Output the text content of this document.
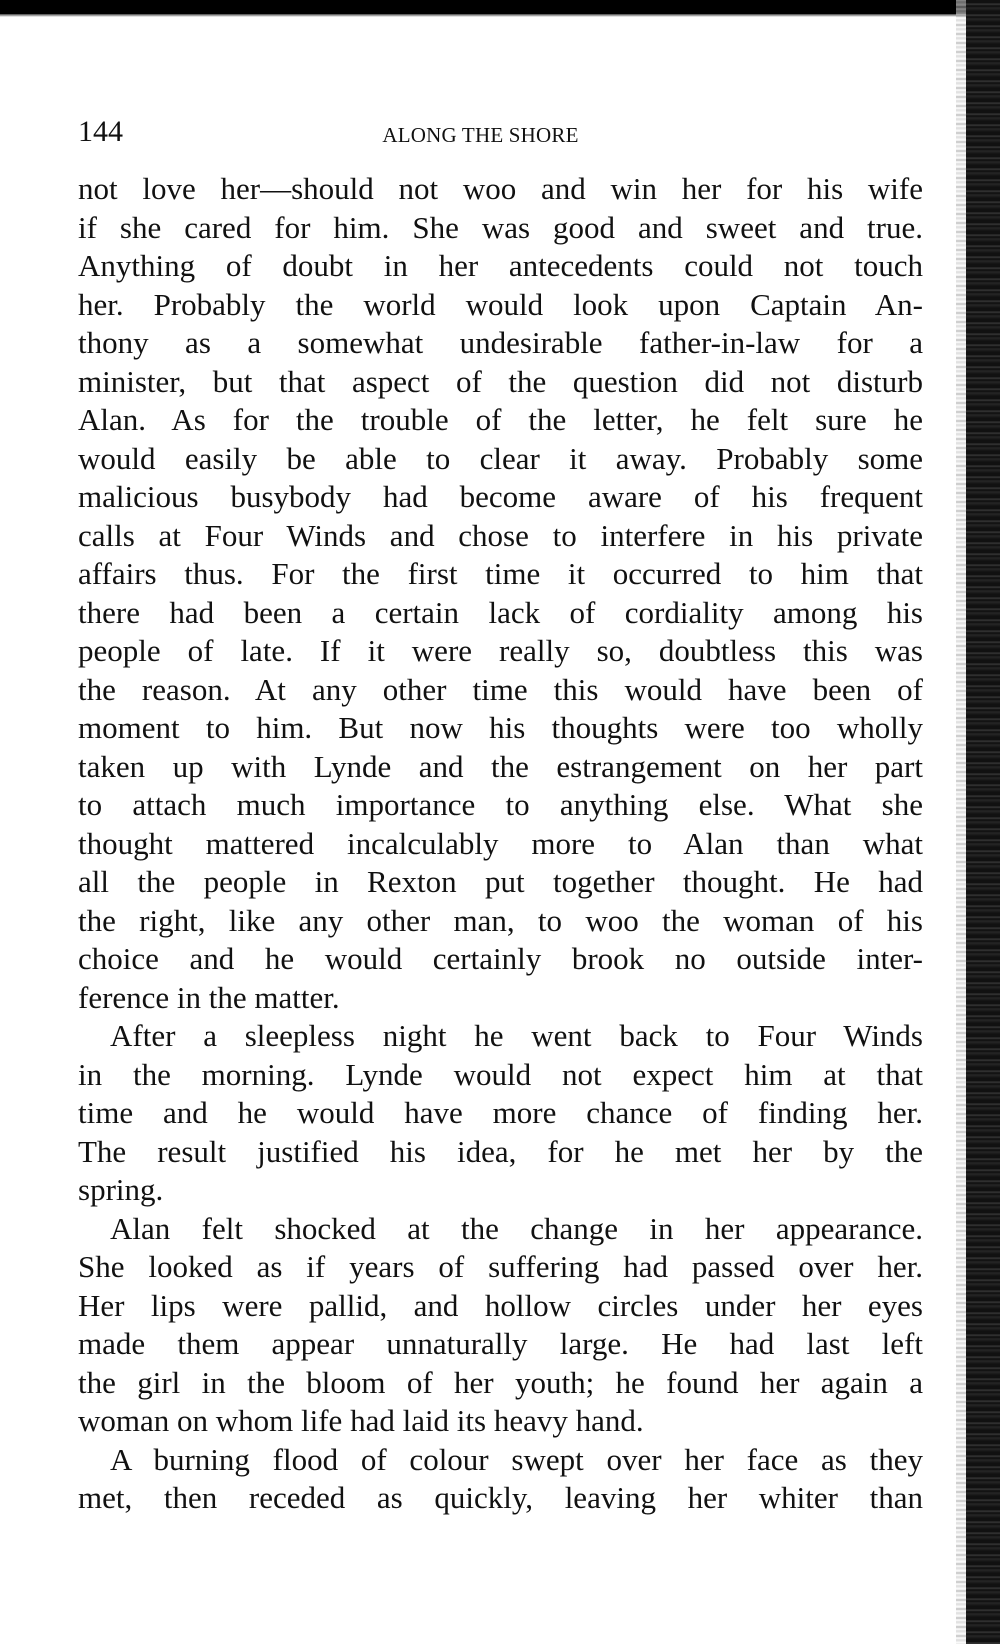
144	ALONG THE SHORE
not love her—should not woo and win her for his wife
if she cared for him. She was good and sweet and true.
Anything of doubt in her antecedents could not touch
her. Probably the world would look upon Captain An-
thony as a somewhat undesirable father-in-law for a
minister, but that aspect of the question did not disturb
Alan. As for the trouble of the letter, he felt sure he
would easily be able to clear it away. Probably some
malicious busybody had become aware of his frequent
calls at Four Winds and chose to interfere in his private
affairs thus. For the first time it occurred to him that
there had been a certain lack of cordiality among his
people of late. If it were really so, doubtless this was
the reason. At any other time this would have been of
moment to him. But now his thoughts were too wholly
taken up with Lynde and the estrangement on her part
to attach much importance to anything else. What she
thought mattered incalculably more to Alan than what
all the people in Rexton put together thought. He had
the right, like any other man, to woo the woman of his
choice and he would certainly brook no outside inter-
ference in the matter.
After a sleepless night he went back to Four Winds
in the morning. Lynde would not expect him at that
time and he would have more chance of finding her.
The result justified his idea, for he met her by the
spring.
Alan felt shocked at the change in her appearance.
She looked as if years of suffering had passed over her.
Her lips were pallid, and hollow circles under her eyes
made them appear unnaturally large. He had last left
the girl in the bloom of her youth; he found her again a
woman on whom life had laid its heavy hand.
A burning flood of colour swept over her face as they
met, then receded as quickly, leaving her whiter than
